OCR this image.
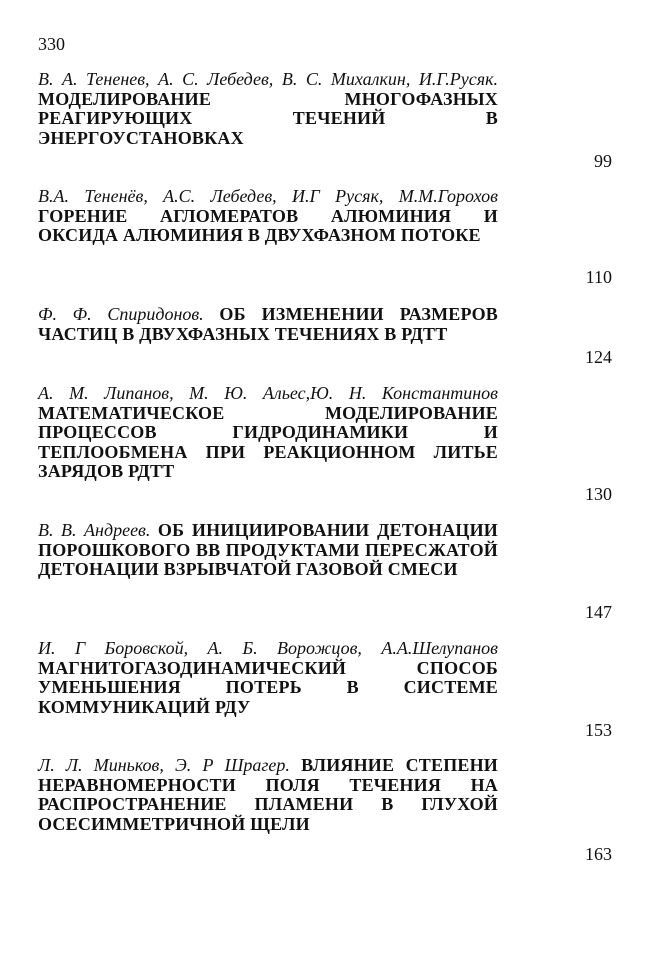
330
В. А. Тененев, А. С. Лебедев, В. С. Михалкин, И.Г.Русяк. МОДЕЛИРОВАНИЕ МНОГОФАЗНЫХ РЕАГИРУЮЩИХ ТЕЧЕНИЙ В ЭНЕРГОУСТАНОВКАХ
99
В.А. Тененёв, А.С. Лебедев, И.Г Русяк, М.М.Горохов ГОРЕНИЕ АГЛОМЕРАТОВ АЛЮМИНИЯ И ОКСИДА АЛЮМИНИЯ В ДВУХФАЗНОМ ПОТОКЕ
110
Ф. Ф. Спиридонов. ОБ ИЗМЕНЕНИИ РАЗМЕРОВ ЧАСТИЦ В ДВУХФАЗНЫХ ТЕЧЕНИЯХ В РДТТ
124
А. М. Липанов, М. Ю. Альес,Ю. Н. Константинов МАТЕМАТИЧЕСКОЕ МОДЕЛИРОВАНИЕ ПРОЦЕССОВ ГИДРОДИНАМИКИ И ТЕПЛООБМЕНА ПРИ РЕАКЦИОННОМ ЛИТЬЕ ЗАРЯДОВ РДТТ
130
В. В. Андреев. ОБ ИНИЦИИРОВАНИИ ДЕТОНАЦИИ ПОРОШКОВОГО ВВ ПРОДУКТАМИ ПЕРЕСЖАТОЙ ДЕТОНАЦИИ ВЗРЫВЧАТОЙ ГАЗОВОЙ СМЕСИ
147
И. Г Боровской, А. Б. Ворожцов, А.А.Шелупанов МАГНИТОГАЗОДИНАМИЧЕСКИЙ СПОСОБ УМЕНЬШЕНИЯ ПОТЕРЬ В СИСТЕМЕ КОММУНИКАЦИЙ РДУ
153
Л. Л. Миньков, Э. Р Шрагер. ВЛИЯНИЕ СТЕПЕНИ НЕРАВНОМЕРНОСТИ ПОЛЯ ТЕЧЕНИЯ НА РАСПРОСТРАНЕНИЕ ПЛАМЕНИ В ГЛУХОЙ ОСЕСИММЕТРИЧНОЙ ЩЕЛИ
163
